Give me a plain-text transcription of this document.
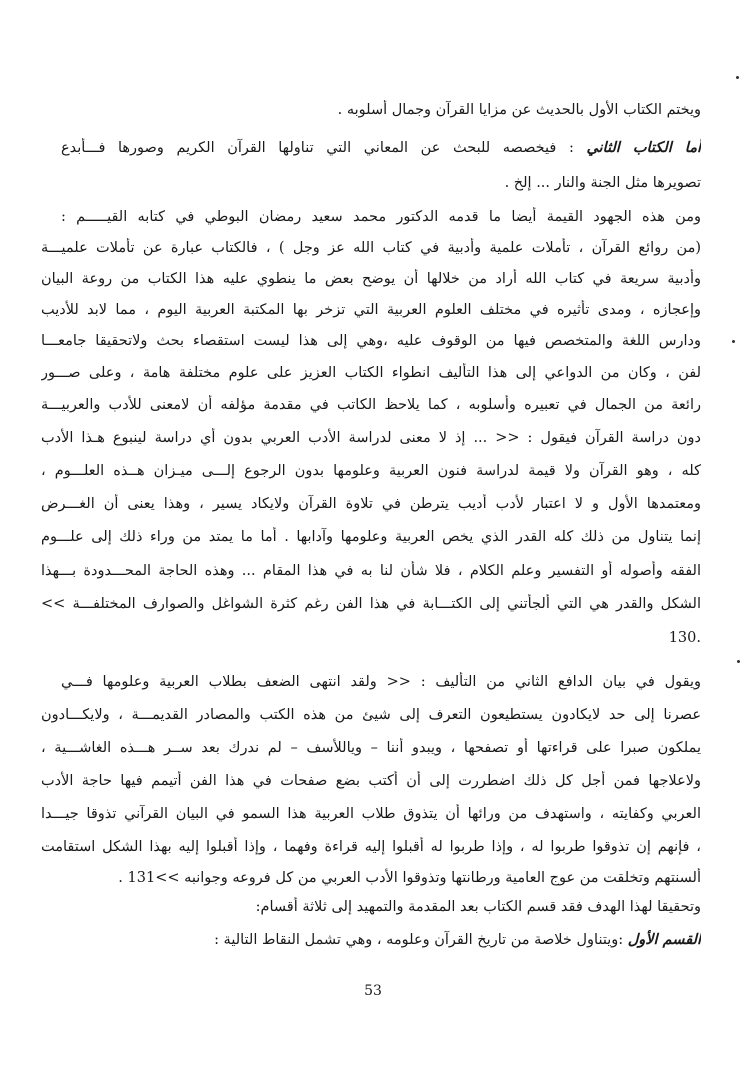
ويختم الكتاب الأول بالحديث عن مزايا القرآن وجمال أسلوبه .
أما الكتاب الثاني : فيخصصه للبحث عن المعاني التي تناولها القرآن الكريم وصورها فـــأبدع
تصويرها مثل الجنة والنار ... إلخ .
ومن هذه الجهود القيمة أيضا ما قدمه الدكتور محمد سعيد رمضان البوطي في كتابه القيـــــم :
(من روائع القرآن ، تأملات علمية وأدبية في كتاب الله عز وجل ) ، فالكتاب عبارة عن تأملات علميـــة
وأدبية سريعة في كتاب الله أراد من خلالها أن يوضح بعض ما ينطوي عليه هذا الكتاب من روعة البيان
وإعجازه ، ومدى تأثيره في مختلف العلوم العربية التي تزخر بها المكتبة العربية اليوم ، مما لابد للأديب
ودارس اللغة والمتخصص فيها من الوقوف عليه ،وهي إلى هذا ليست استقصاء بحث ولاتحقيقا جامعـــا
لفن ، وكان من الدواعي إلى هذا التأليف انطواء الكتاب العزيز على علوم مختلفة هامة ، وعلى صـــور
رائعة من الجمال في تعبيره وأسلوبه ، كما يلاحظ الكاتب في مقدمة مؤلفه أن لامعنى للأدب والعربيـــة
دون دراسة القرآن فيقول : << ... إذ لا معنى لدراسة الأدب العربي بدون أي دراسة لينبوع هـذا الأدب
كله ، وهو القرآن ولا قيمة لدراسة فنون العربية وعلومها بدون الرجوع إلـــى ميـزان هــذه العلـــوم ،
ومعتمدها الأول و لا اعتبار لأدب أديب يترطن في تلاوة القرآن ولايكاد يسير ، وهذا يعنى أن الغـــرض
إنما يتناول من ذلك كله القدر الذي يخص العربية وعلومها وآدابها . أما ما يمتد من وراء ذلك إلى علـــوم
الفقه وأصوله أو التفسير وعلم الكلام ، فلا شأن لنا به في هذا المقام ... وهذه الحاجة المحـــدودة بـــهذا
الشكل والقدر هي التي ألجأتني إلى الكتـــابة في هذا الفن رغم كثرة الشواغل والصوارف المختلفـــة >>
.130
ويقول في بيان الدافع الثاني من التأليف : << ولقد انتهى الضعف بطلاب العربية وعلومها فـــي
عصرنا إلى حد لايكادون يستطيعون التعرف إلى شيئ من هذه الكتب والمصادر القديمـــة ، ولايكـــادون
يملكون صبرا على قراءتها أو تصفحها ، ويبدو أننا – وياللأسف – لم ندرك بعد ســر هـــذه الغاشـــية ،
ولاعلاجها فمن أجل كل ذلك اضطررت إلى أن أكتب بضع صفحات في هذا الفن أتيمم فيها حاجة الأدب
العربي وكفايته ، واستهدف من ورائها أن يتذوق طلاب العربية هذا السمو في البيان القرآني تذوقا جيـــدا
، فإنهم إن تذوقوا طربوا له ، وإذا طربوا له أقبلوا إليه قراءة وفهما ، وإذا أقبلوا إليه بهذا الشكل استقامت
ألسنتهم وتخلقت من عوج العامية ورطانتها وتذوقوا الأدب العربي من كل فروعه وجوانبه >>131 .
وتحقيقا لهذا الهدف فقد قسم الكتاب بعد المقدمة والتمهيد إلى ثلاثة أقسام:
القسم الأول :ويتناول خلاصة من تاريخ القرآن وعلومه ، وهي تشمل النقاط التالية :
53
